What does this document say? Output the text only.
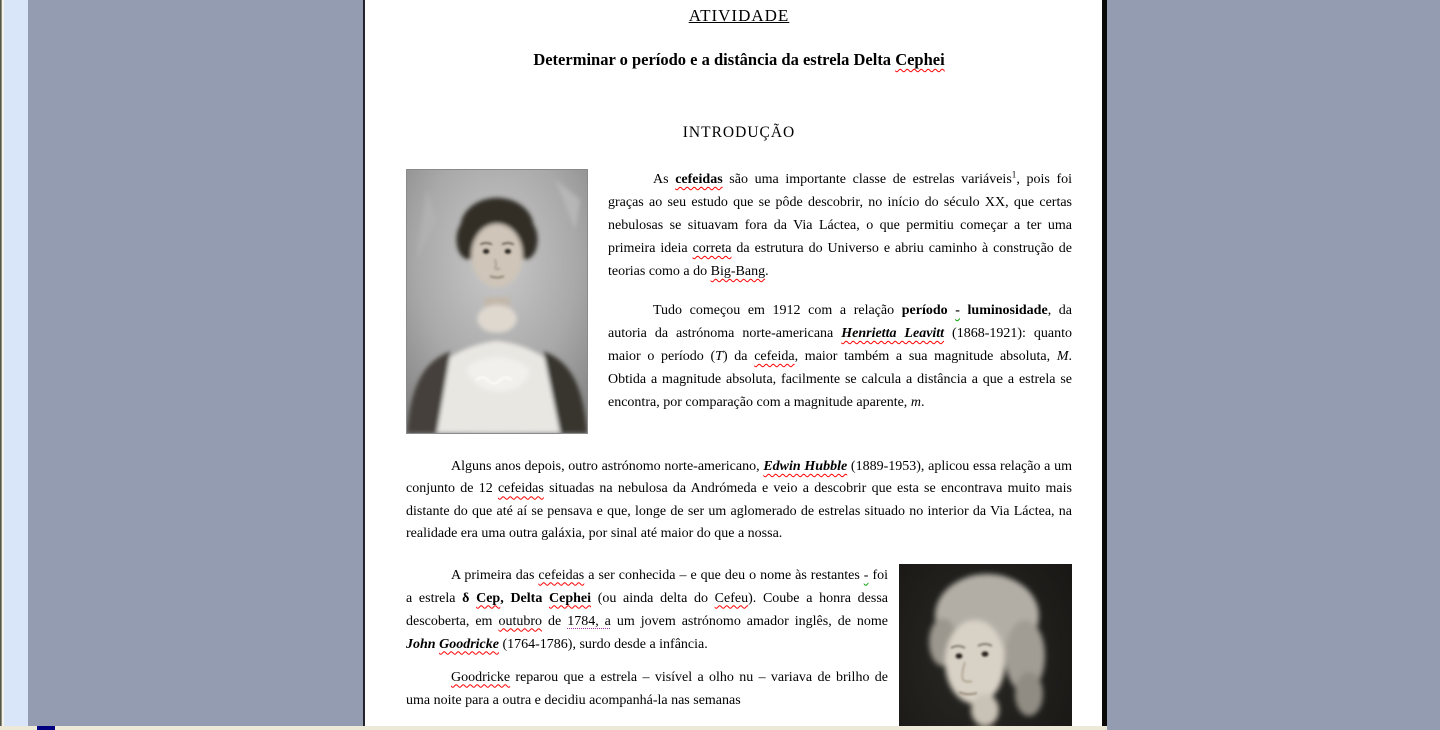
ATIVIDADE
Determinar o período e a distância da estrela Delta Cephei
INTRODUÇÃO

As cefeidas são uma importante classe de estrelas variáveis$^1$, pois foi graças ao seu estudo que se pôde descobrir, no início do século XX, que certas nebulosas se situavam fora da Via Láctea, o que permitiu começar a ter uma primeira ideia correta da estrutura do Universo e abriu caminho à construção de teorias como a do Big-Bang.

Tudo começou em 1912 com a relação período - luminosidade, da autoria da astrónoma norte-americana Henrietta Leavitt (1868-1921): quanto maior o período (T) da cefeida, maior também a sua magnitude absoluta, M. Obtida a magnitude absoluta, facilmente se calcula a distância a que a estrela se encontra, por comparação com a magnitude aparente, m.

Alguns anos depois, outro astrónomo norte-americano, Edwin Hubble (1889-1953), aplicou essa relação a um conjunto de 12 cefeidas situadas na nebulosa da Andrómeda e veio a descobrir que esta se encontrava muito mais distante do que até aí se pensava e que, longe de ser um aglomerado de estrelas situado no interior da Via Láctea, na realidade era uma outra galáxia, por sinal até maior do que a nossa.

A primeira das cefeidas a ser conhecida – e que deu o nome às restantes - foi a estrela δ Cep, Delta Cephei (ou ainda delta do Cefeu). Coube a honra dessa descoberta, em outubro de 1784, a um jovem astrónomo amador inglês, de nome John Goodricke (1764-1786), surdo desde a infância.

Goodricke reparou que a estrela – visível a olho nu – variava de brilho de uma noite para a outra e decidiu acompanhá-la nas semanas
